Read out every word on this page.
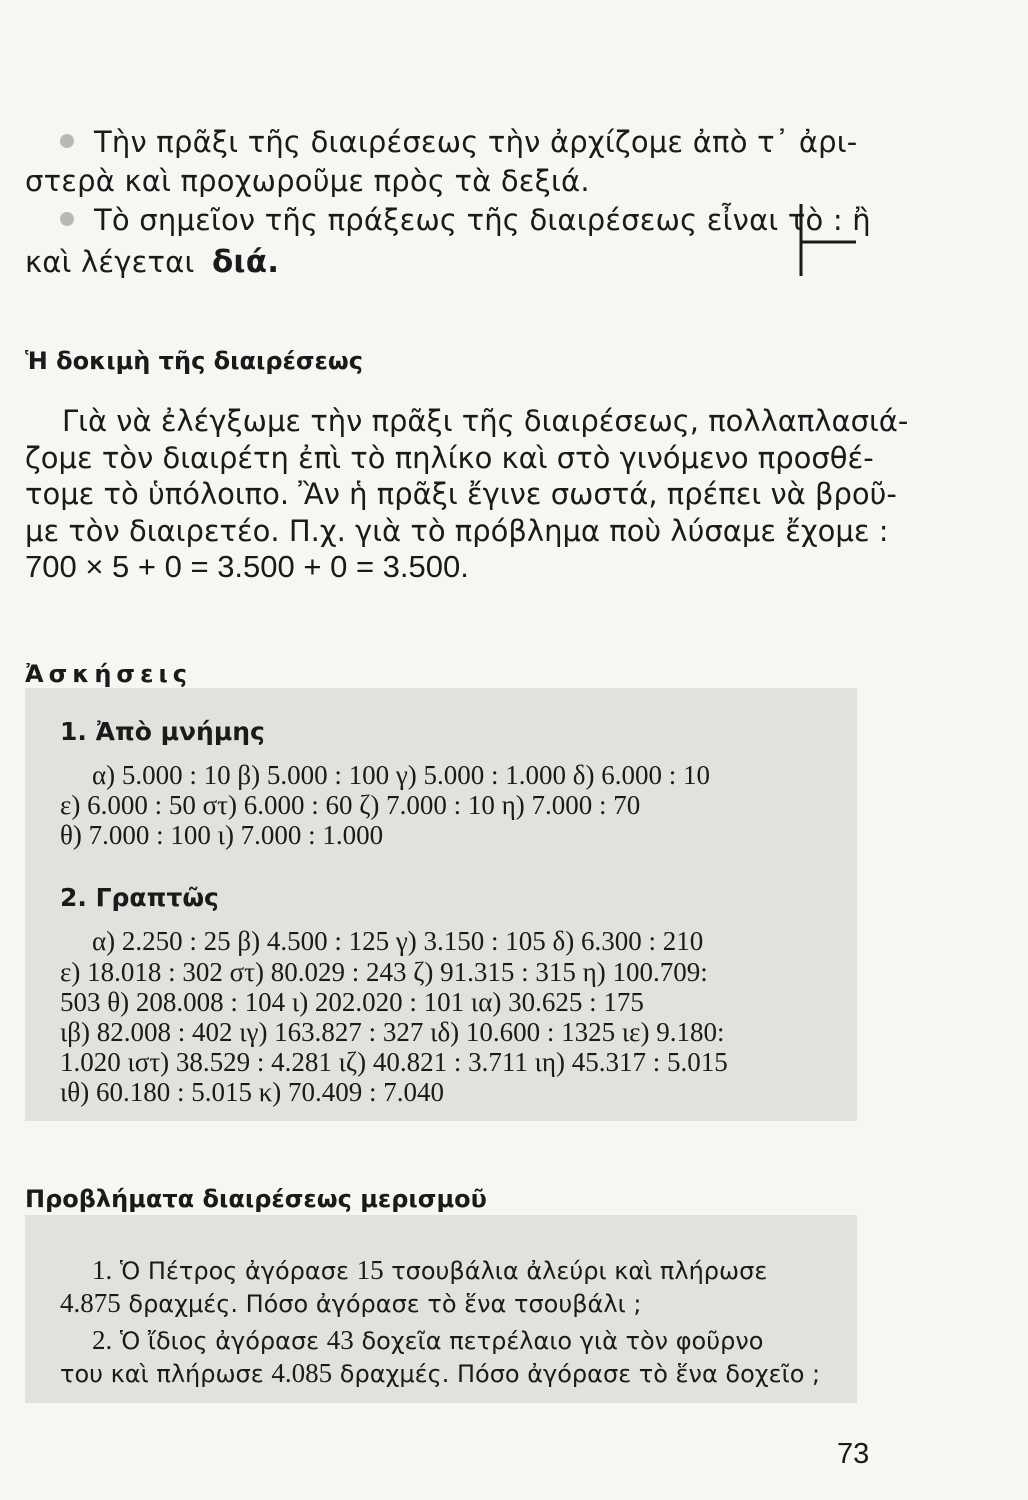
Τὴν πρᾶξι τῆς διαιρέσεως τὴν ἀρχίζομε ἀπὸ τ᾽ ἀρι-
στερὰ καὶ προχωροῦμε πρὸς τὰ δεξιά.
Τὸ σημεῖον τῆς πράξεως τῆς διαιρέσεως εἶναι τὸ : ἢ
καὶ λέγεται διά.
Ἡ δοκιμὴ τῆς διαιρέσεως
Γιὰ νὰ ἐλέγξωμε τὴν πρᾶξι τῆς διαιρέσεως, πολλαπλασιά-
ζομε τὸν διαιρέτη ἐπὶ τὸ πηλίκο καὶ στὸ γινόμενο προσθέ-
τομε τὸ ὑπόλοιπο. Ἂν ἡ πρᾶξι ἔγινε σωστά, πρέπει νὰ βροῦ-
με τὸν διαιρετέο. Π.χ. γιὰ τὸ πρόβλημα ποὺ λύσαμε ἔχομε :
700 × 5 + 0 = 3.500 + 0 = 3.500.
Ἀσκήσεις
1. Ἀπὸ μνήμης
α) 5.000 : 10 β) 5.000 : 100 γ) 5.000 : 1.000 δ) 6.000 : 10
ε) 6.000 : 50 στ) 6.000 : 60 ζ) 7.000 : 10 η) 7.000 : 70
θ) 7.000 : 100 ι) 7.000 : 1.000
2. Γραπτῶς
α) 2.250 : 25 β) 4.500 : 125 γ) 3.150 : 105 δ) 6.300 : 210
ε) 18.018 : 302 στ) 80.029 : 243 ζ) 91.315 : 315 η) 100.709:
503 θ) 208.008 : 104 ι) 202.020 : 101 ια) 30.625 : 175
ιβ) 82.008 : 402 ιγ) 163.827 : 327 ιδ) 10.600 : 1325 ιε) 9.180:
1.020 ιστ) 38.529 : 4.281 ιζ) 40.821 : 3.711 ιη) 45.317 : 5.015
ιθ) 60.180 : 5.015 κ) 70.409 : 7.040
Προβλήματα διαιρέσεως μερισμοῦ
1. Ὁ Πέτρος ἀγόρασε 15 τσουβάλια ἀλεύρι καὶ πλήρωσε
4.875 δραχμές. Πόσο ἀγόρασε τὸ ἕνα τσουβάλι ;
2. Ὁ ἴδιος ἀγόρασε 43 δοχεῖα πετρέλαιο γιὰ τὸν φοῦρνο
του καὶ πλήρωσε 4.085 δραχμές. Πόσο ἀγόρασε τὸ ἕνα δοχεῖο ;
73
